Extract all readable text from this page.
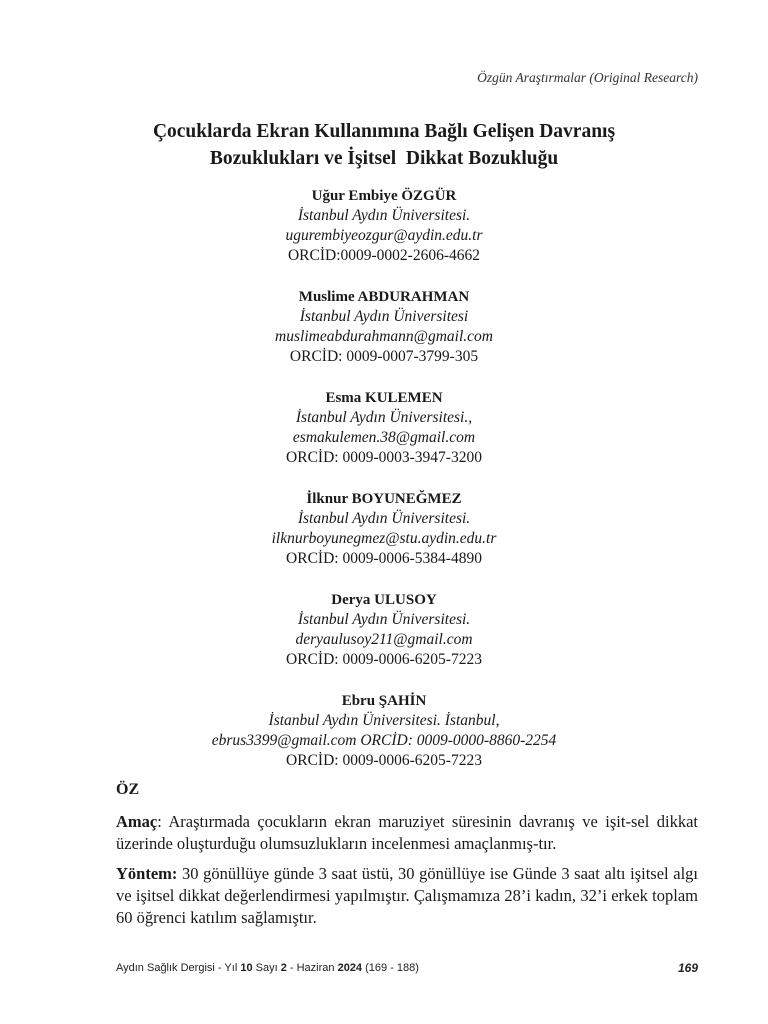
Özgün Araştırmalar (Original Research)
Çocuklarda Ekran Kullanımına Bağlı Gelişen Davranış
Bozuklukları ve İşitsel  Dikkat Bozukluğu
Uğur Embiye ÖZGÜR
İstanbul Aydın Üniversitesi.
ugurembiyeozgur@aydin.edu.tr
ORCİD:0009-0002-2606-4662
Muslime ABDURAHMAN
İstanbul Aydın Üniversitesi
muslimeabdurahmann@gmail.com
ORCİD: 0009-0007-3799-305
Esma KULEMEN
İstanbul Aydın Üniversitesi.,
esmakulemen.38@gmail.com
ORCİD: 0009-0003-3947-3200
İlknur BOYUNEĞMEZ
İstanbul Aydın Üniversitesi.
ilknurboyunegmez@stu.aydin.edu.tr
ORCİD: 0009-0006-5384-4890
Derya ULUSOY
İstanbul Aydın Üniversitesi.
deryaulusoy211@gmail.com
ORCİD: 0009-0006-6205-7223
Ebru ŞAHİN
İstanbul Aydın Üniversitesi. İstanbul,
ebrus3399@gmail.com ORCİD: 0009-0000-8860-2254
ORCİD: 0009-0006-6205-7223
ÖZ

Amaç: Araştırmada çocukların ekran maruziyet süresinin davranış ve işit-sel dikkat üzerinde oluşturduğu olumsuzlukların incelenmesi amaçlanmış-tır.

Yöntem: 30 gönüllüye günde 3 saat üstü, 30 gönüllüye ise Günde 3 saat altı işitsel algı ve işitsel dikkat değerlendirmesi yapılmıştır. Çalışmamıza 28’i kadın, 32’i erkek toplam 60 öğrenci katılım sağlamıştır.

Aydın Sağlık Dergisi - Yıl 10 Sayı 2 - Haziran 2024 (169 - 188)	169
